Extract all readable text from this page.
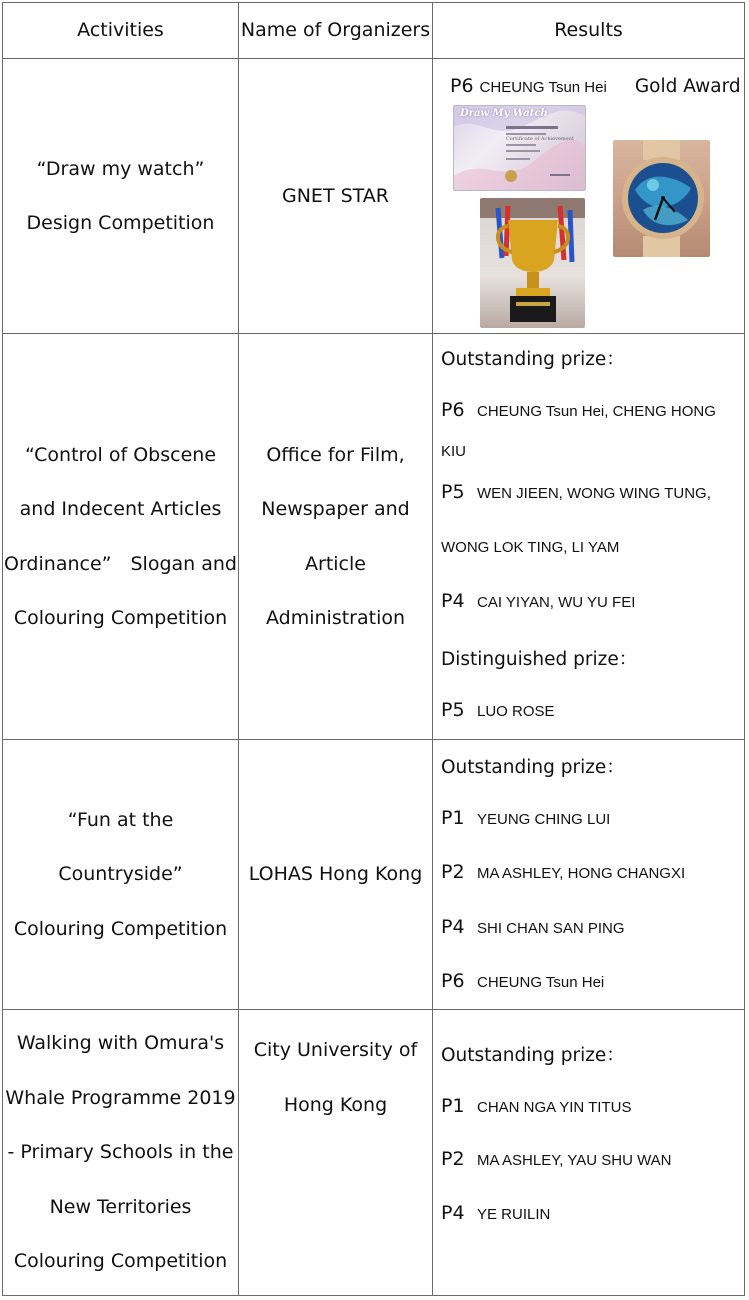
Activities	Name of Organizers	Results
“Draw my watch”
Design Competition
GNET STAR
P6 CHEUNG Tsun Hei Gold Award
Draw My Watch
Certificate of Achievement
“Control of Obscene
and Indecent Articles
Ordinance”　Slogan and
Colouring Competition
Office for Film,
Newspaper and
Article
Administration
Outstanding prize：
P6 CHEUNG Tsun Hei, CHENG HONG
KIU
P5 WEN JIEEN, WONG WING TUNG,
WONG LOK TING, LI YAM
P4 CAI YIYAN, WU YU FEI
Distinguished prize：
P5 LUO ROSE
“Fun at the
Countryside”
Colouring Competition
LOHAS Hong Kong
Outstanding prize：
P1 YEUNG CHING LUI
P2 MA ASHLEY, HONG CHANGXI
P4 SHI CHAN SAN PING
P6 CHEUNG Tsun Hei
Walking with Omura's
Whale Programme 2019
- Primary Schools in the
New Territories
Colouring Competition
City University of
Hong Kong
Outstanding prize：
P1 CHAN NGA YIN TITUS
P2 MA ASHLEY, YAU SHU WAN
P4 YE RUILIN
